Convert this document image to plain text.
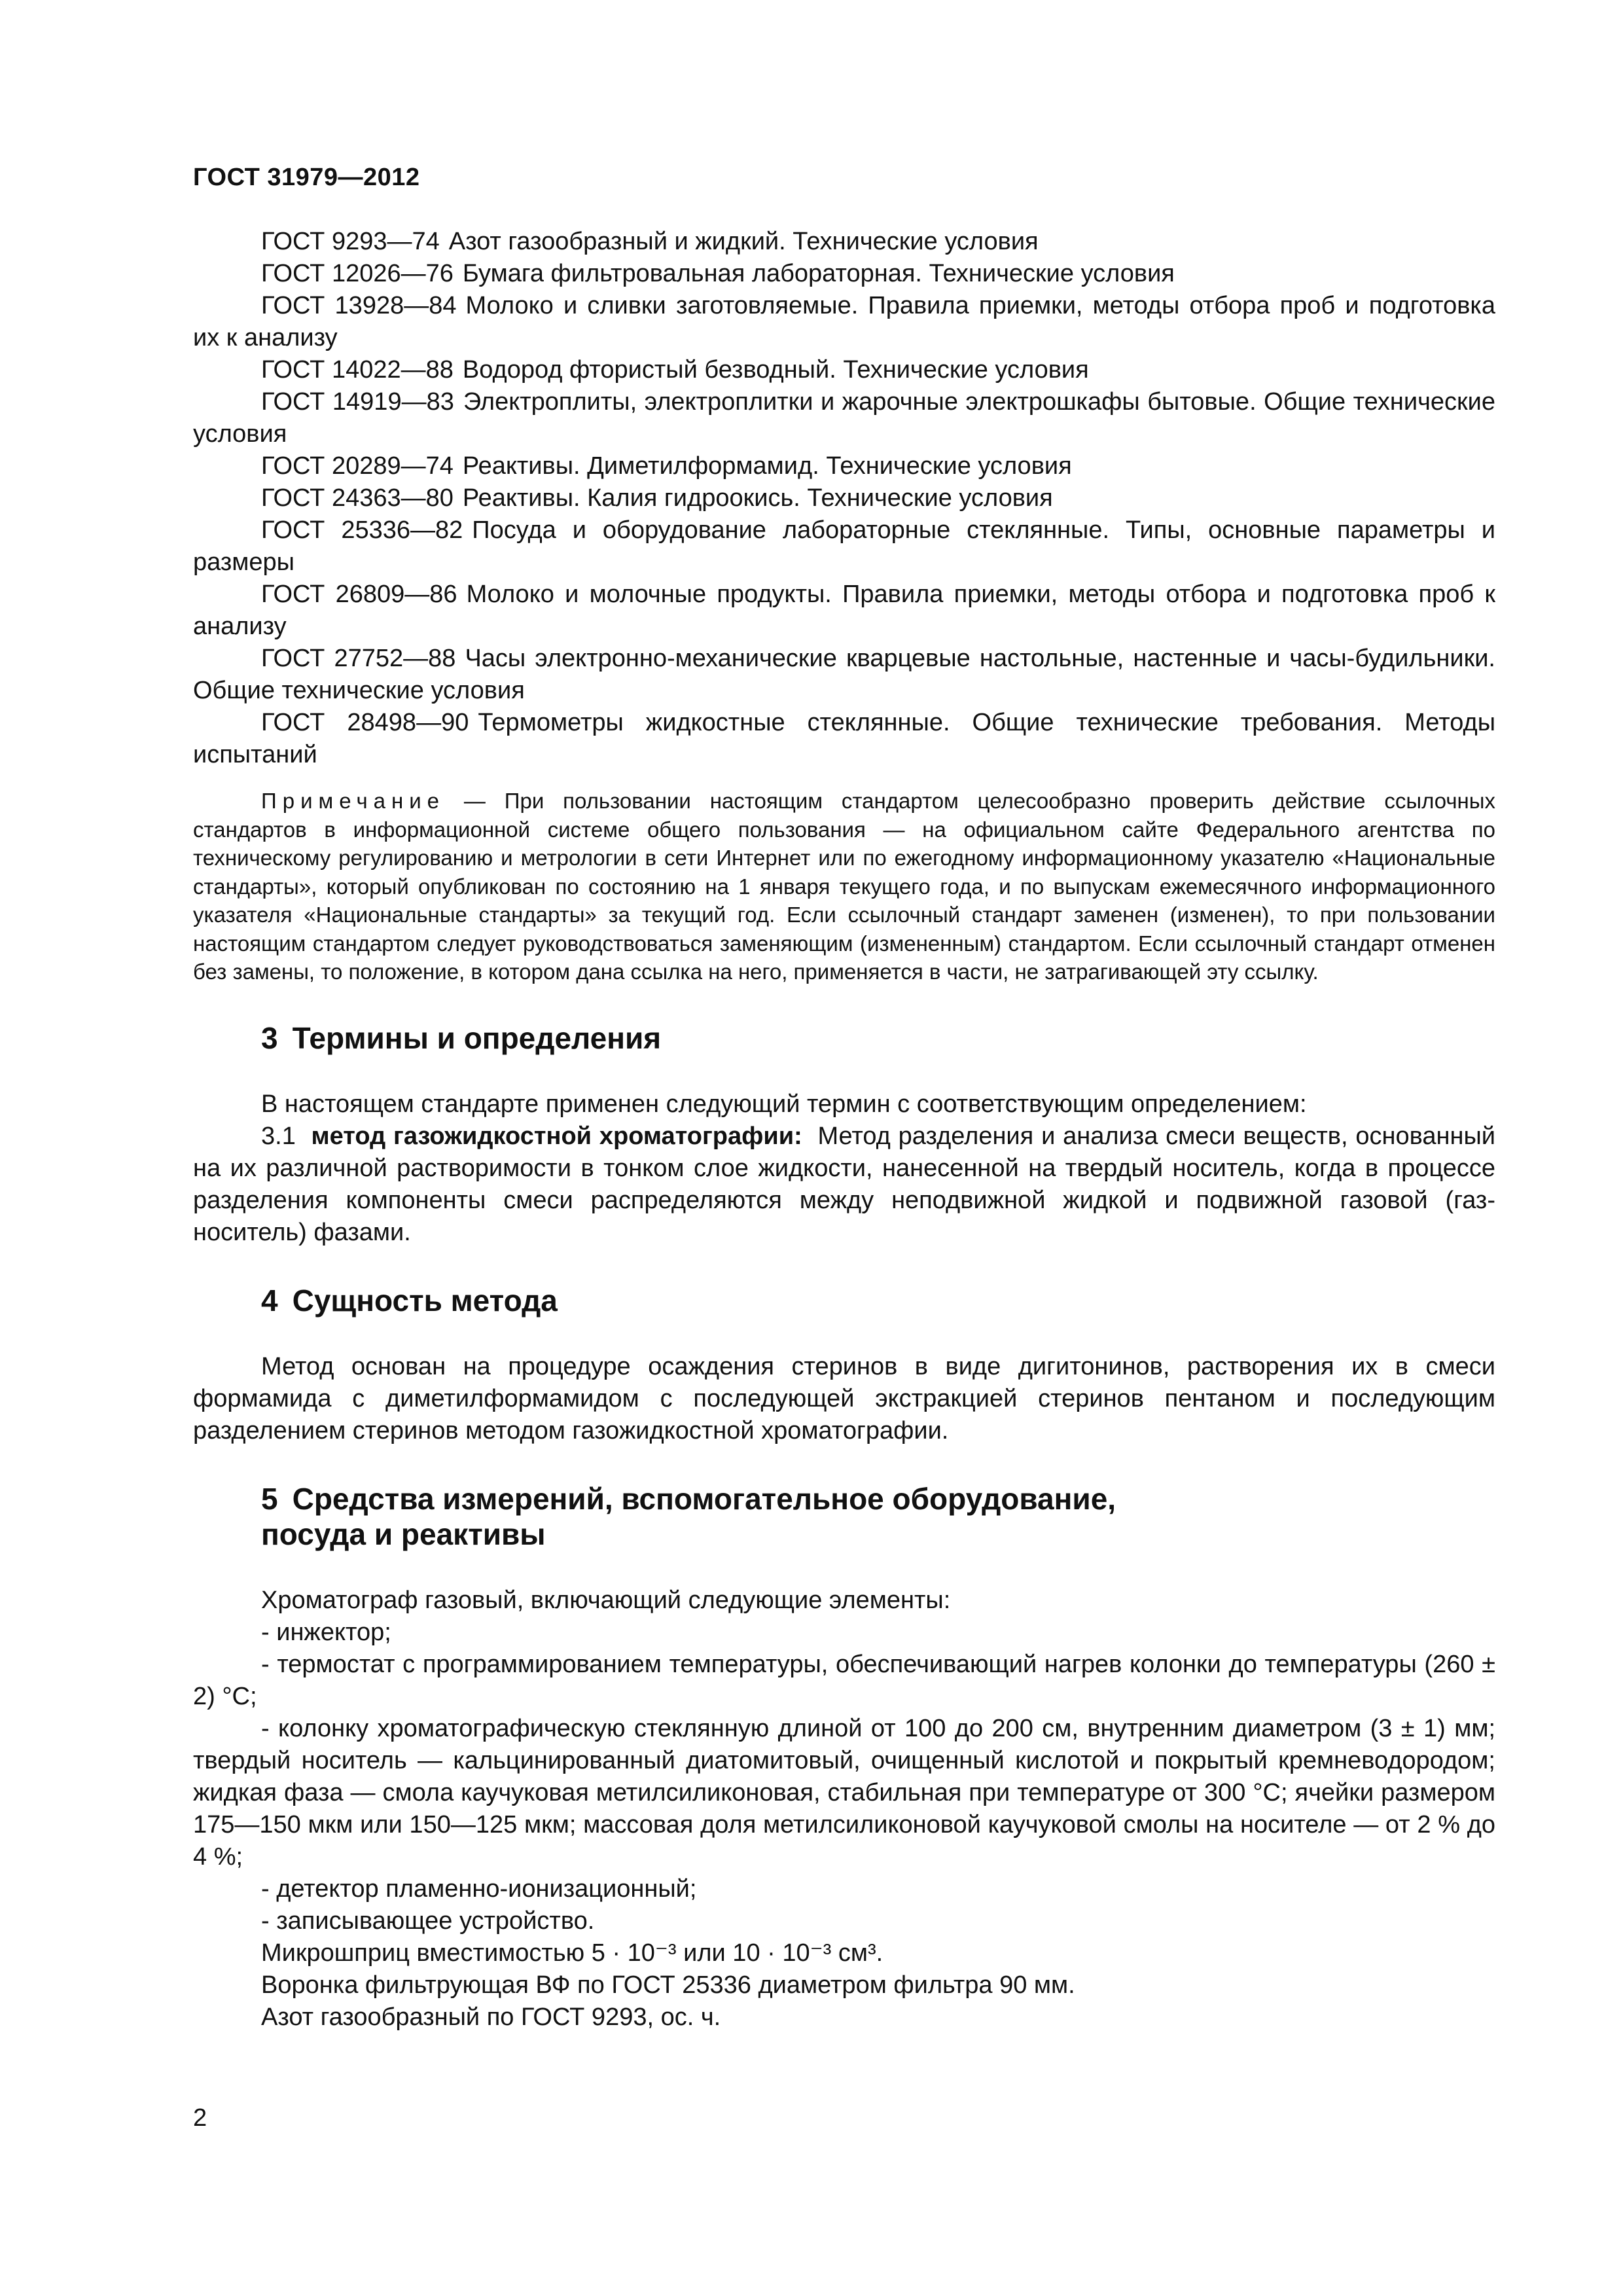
ГОСТ 31979—2012

ГОСТ 9293—74 Азот газообразный и жидкий. Технические условия

ГОСТ 12026—76 Бумага фильтровальная лабораторная. Технические условия

ГОСТ 13928—84 Молоко и сливки заготовляемые. Правила приемки, методы отбора проб и подготовка их к анализу

ГОСТ 14022—88 Водород фтористый безводный. Технические условия

ГОСТ 14919—83 Электроплиты, электроплитки и жарочные электрошкафы бытовые. Общие технические условия

ГОСТ 20289—74 Реактивы. Диметилформамид. Технические условия

ГОСТ 24363—80 Реактивы. Калия гидроокись. Технические условия

ГОСТ 25336—82 Посуда и оборудование лабораторные стеклянные. Типы, основные параметры и размеры

ГОСТ 26809—86 Молоко и молочные продукты. Правила приемки, методы отбора и подготовка проб к анализу

ГОСТ 27752—88 Часы электронно-механические кварцевые настольные, настенные и часы-будильники. Общие технические условия

ГОСТ 28498—90 Термометры жидкостные стеклянные. Общие технические требования. Методы испытаний

Примечание — При пользовании настоящим стандартом целесообразно проверить действие ссылочных стандартов в информационной системе общего пользования — на официальном сайте Федерального агентства по техническому регулированию и метрологии в сети Интернет или по ежегодному информационному указателю «Национальные стандарты», который опубликован по состоянию на 1 января текущего года, и по выпускам ежемесячного информационного указателя «Национальные стандарты» за текущий год. Если ссылочный стандарт заменен (изменен), то при пользовании настоящим стандартом следует руководствоваться заменяющим (измененным) стандартом. Если ссылочный стандарт отменен без замены, то положение, в котором дана ссылка на него, применяется в части, не затрагивающей эту ссылку.

3 Термины и определения

В настоящем стандарте применен следующий термин с соответствующим определением:

3.1 метод газожидкостной хроматографии: Метод разделения и анализа смеси веществ, основанный на их различной растворимости в тонком слое жидкости, нанесенной на твердый носитель, когда в процессе разделения компоненты смеси распределяются между неподвижной жидкой и подвижной газовой (газ-носитель) фазами.

4 Сущность метода

Метод основан на процедуре осаждения стеринов в виде дигитонинов, растворения их в смеси формамида с диметилформамидом с последующей экстракцией стеринов пентаном и последующим разделением стеринов методом газожидкостной хроматографии.

5 Средства измерений, вспомогательное оборудование,
посуда и реактивы

Хроматограф газовый, включающий следующие элементы:

- инжектор;

- термостат с программированием температуры, обеспечивающий нагрев колонки до температуры (260 ± 2) °С;

- колонку хроматографическую стеклянную длиной от 100 до 200 см, внутренним диаметром (3 ± 1) мм; твердый носитель — кальцинированный диатомитовый, очищенный кислотой и покрытый кремневодородом; жидкая фаза — смола каучуковая метилсиликоновая, стабильная при температуре от 300 °С; ячейки размером 175—150 мкм или 150—125 мкм; массовая доля метилсиликоновой каучуковой смолы на носителе — от 2 % до 4 %;

- детектор пламенно-ионизационный;

- записывающее устройство.

Микрошприц вместимостью 5 · 10⁻³ или 10 · 10⁻³ см³.

Воронка фильтрующая ВФ по ГОСТ 25336 диаметром фильтра 90 мм.

Азот газообразный по ГОСТ 9293, ос. ч.

2
